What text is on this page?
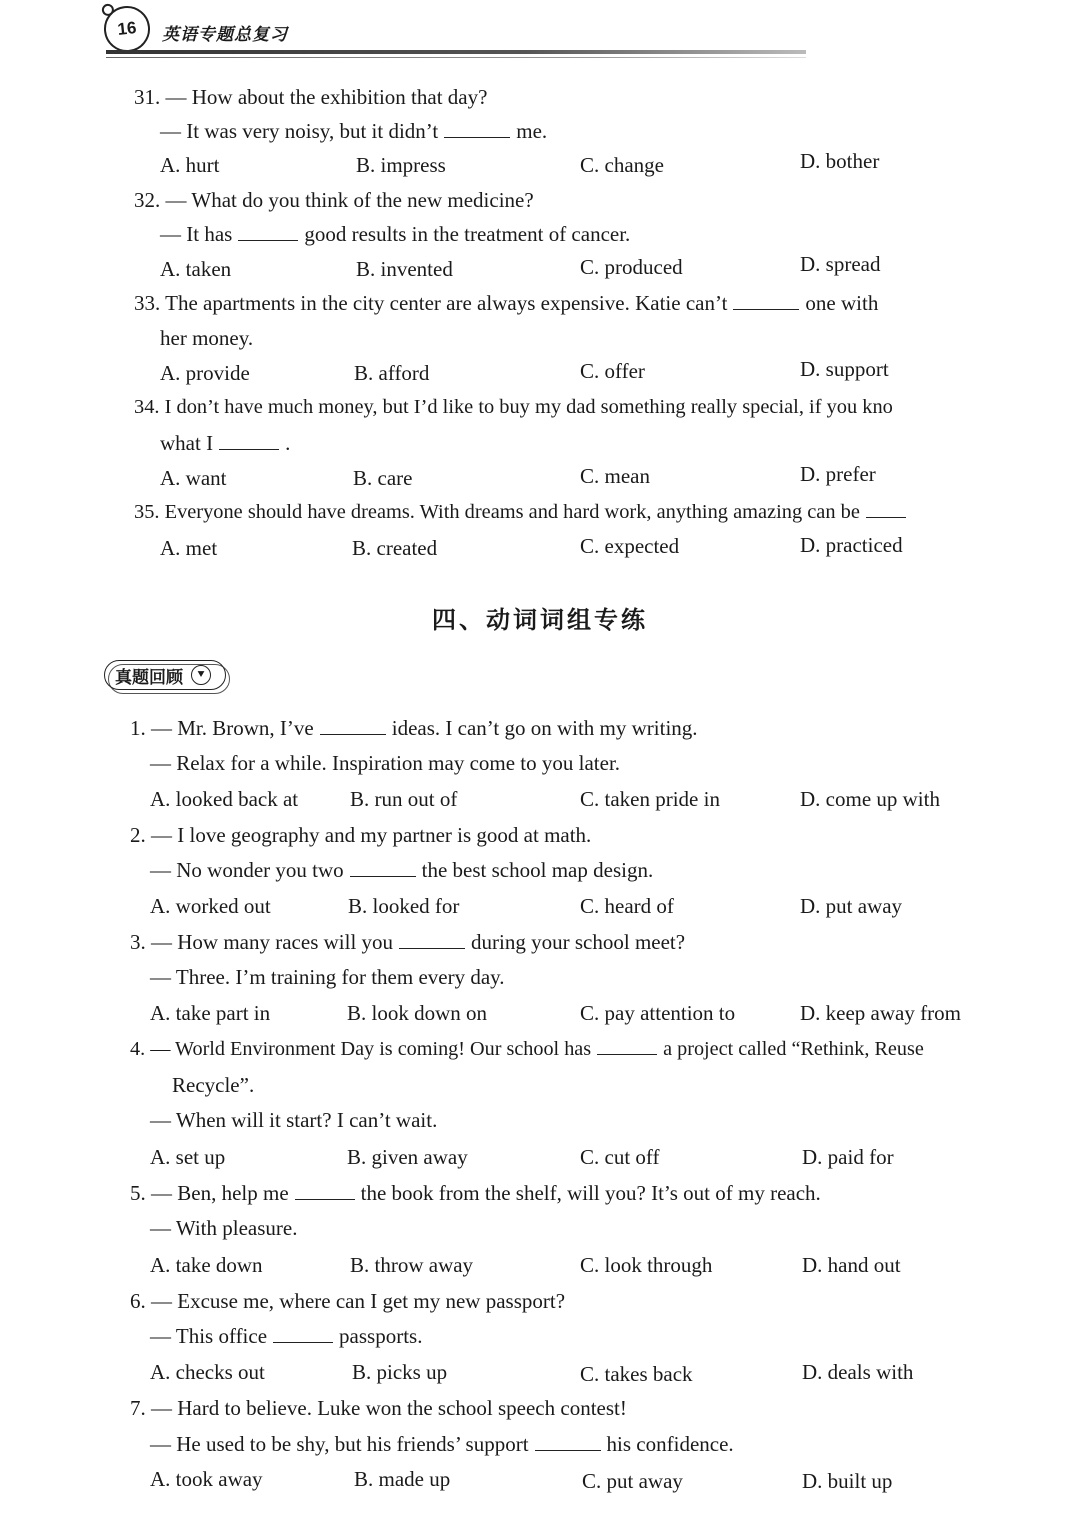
16	英语专题总复习
31. — How about the exhibition that day?
— It was very noisy, but it didn’t	me.
A. hurt	B. impress	C. change	D. bother
32. — What do you think of the new medicine?
— It has	good results in the treatment of cancer.
A. taken	B. invented	C. produced	D. spread
33. The apartments in the city center are always expensive. Katie can’t	one with
her money.
A. provide	B. afford	C. offer	D. support
34. I don’t have much money, but I’d like to buy my dad something really special, if you kno
what I	.
A. want	B. care	C. mean	D. prefer
35. Everyone should have dreams. With dreams and hard work, anything amazing can be
A. met	B. created	C. expected	D. practiced
四、动词词组专练
真题回顾	⯆
1. — Mr. Brown, I’ve	ideas. I can’t go on with my writing.
— Relax for a while. Inspiration may come to you later.
A. looked back at B. run out of	C. taken pride in	D. come up with
2. — I love geography and my partner is good at math.
— No wonder you two	the best school map design.
A. worked out	B. looked for	C. heard of	D. put away
3. — How many races will you	during your school meet?
— Three. I’m training for them every day.
A. take part in	B. look down on	C. pay attention to	D. keep away from
4. — World Environment Day is coming! Our school has	a project called “Rethink, Reuse
Recycle”.
— When will it start? I can’t wait.
A. set up	B. given away	C. cut off	D. paid for
5. — Ben, help me	the book from the shelf, will you? It’s out of my reach.
— With pleasure.
A. take down	B. throw away	C. look through	D. hand out
6. — Excuse me, where can I get my new passport?
— This office	passports.
A. checks out	B. picks up	C. takes back	D. deals with
7. — Hard to believe. Luke won the school speech contest!
— He used to be shy, but his friends’ support	his confidence.
A. took away	B. made up	C. put away	D. built up
